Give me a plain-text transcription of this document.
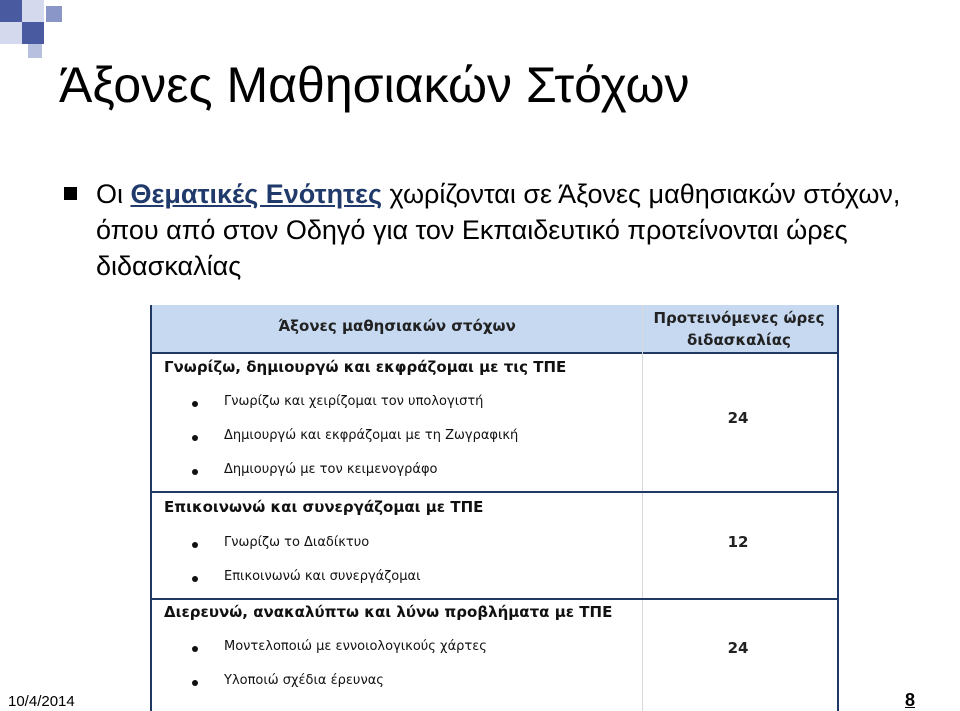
Άξονες Μαθησιακών Στόχων
Οι Θεματικές Ενότητες χωρίζονται σε Άξονες μαθησιακών στόχων, όπου από στον Οδηγό για τον Εκπαιδευτικό προτείνονται ώρες διδασκαλίας
Άξονες μαθησιακών στόχων	Προτεινόμενες ώρες
διδασκαλίας
Γνωρίζω, δημιουργώ και εκφράζομαι με τις ΤΠΕ
Γνωρίζω και χειρίζομαι τον υπολογιστή
Δημιουργώ και εκφράζομαι με τη Ζωγραφική
Δημιουργώ με τον κειμενογράφο
24
Επικοινωνώ και συνεργάζομαι με ΤΠΕ
Γνωρίζω το Διαδίκτυο
Επικοινωνώ και συνεργάζομαι
12
Διερευνώ, ανακαλύπτω και λύνω προβλήματα με ΤΠΕ
Μοντελοποιώ με εννοιολογικούς χάρτες
Υλοποιώ σχέδια έρευνας
24
10/4/2014	8
